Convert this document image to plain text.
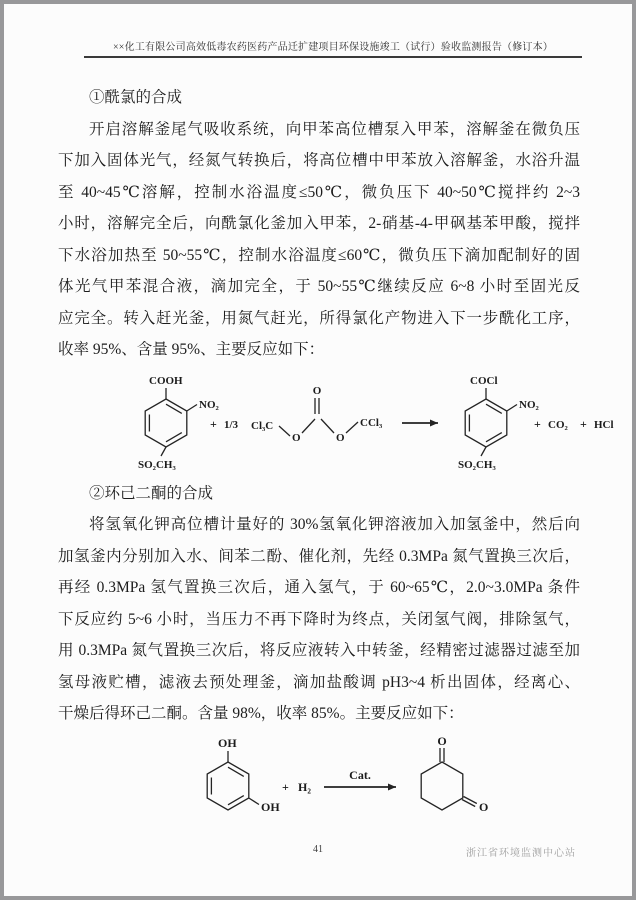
××化工有限公司高效低毒农药医药产品迁扩建项目环保设施竣工（试行）验收监测报告（修订本）
①酰氯的合成
开启溶解釜尾气吸收系统，向甲苯高位槽泵入甲苯，溶解釜在微负压
下加入固体光气，经氮气转换后，将高位槽中甲苯放入溶解釜，水浴升温
至 40~45℃溶解，控制水浴温度≤50℃，微负压下 40~50℃搅拌约 2~3
小时，溶解完全后，向酰氯化釜加入甲苯，2-硝基-4-甲砜基苯甲酸，搅拌
下水浴加热至 50~55℃，控制水浴温度≤60℃，微负压下滴加配制好的固
体光气甲苯混合液，滴加完全，于 50~55℃继续反应 6~8 小时至固光反
应完全。转入赶光釜，用氮气赶光，所得氯化产物进入下一步酰化工序，
收率 95%、含量 95%、主要反应如下：
COOH
NO₂
SO₂CH₃
+ 1/3 Cl₃C
O
O
O
CCl₃
COCl
NO₂
SO₂CH₃
+ CO₂ + HCl
②环己二酮的合成
将氢氧化钾高位槽计量好的 30%氢氧化钾溶液加入加氢釜中，然后向
加氢釜内分别加入水、间苯二酚、催化剂，先经 0.3MPa 氮气置换三次后，
再经 0.3MPa 氢气置换三次后，通入氢气，于 60~65℃，2.0~3.0MPa 条件
下反应约 5~6 小时，当压力不再下降时为终点，关闭氢气阀，排除氢气，
用 0.3MPa 氮气置换三次后，将反应液转入中转釜，经精密过滤器过滤至加
氢母液贮槽，滤液去预处理釜，滴加盐酸调 pH3~4 析出固体，经离心、
干燥后得环己二酮。含量 98%，收率 85%。主要反应如下：
OH
OH
+ H₂
Cat.
O
O
41	浙江省环境监测中心站
